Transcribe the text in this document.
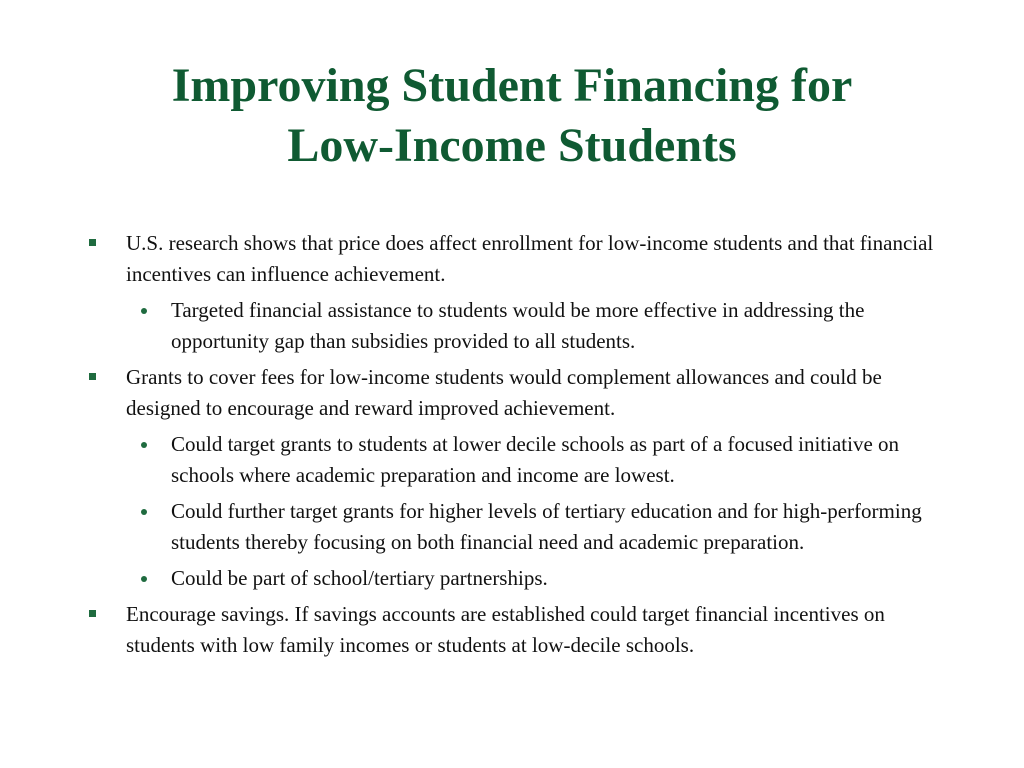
Improving Student Financing for
Low-Income Students
U.S. research shows that price does affect enrollment for low-income students and that financial incentives can influence achievement.
Targeted financial assistance to students would be more effective in addressing the opportunity gap than subsidies provided to all students.
Grants to cover fees for low-income students would complement allowances and could be designed to encourage and reward improved achievement.
Could target grants to students at lower decile schools as part of a focused initiative on schools where academic preparation and income are lowest.
Could further target grants for higher levels of tertiary education and for high-performing students thereby focusing on both financial need and academic preparation.
Could be part of school/tertiary partnerships.
Encourage savings. If savings accounts are established could target financial incentives on students with low family incomes or students at low-decile schools.
